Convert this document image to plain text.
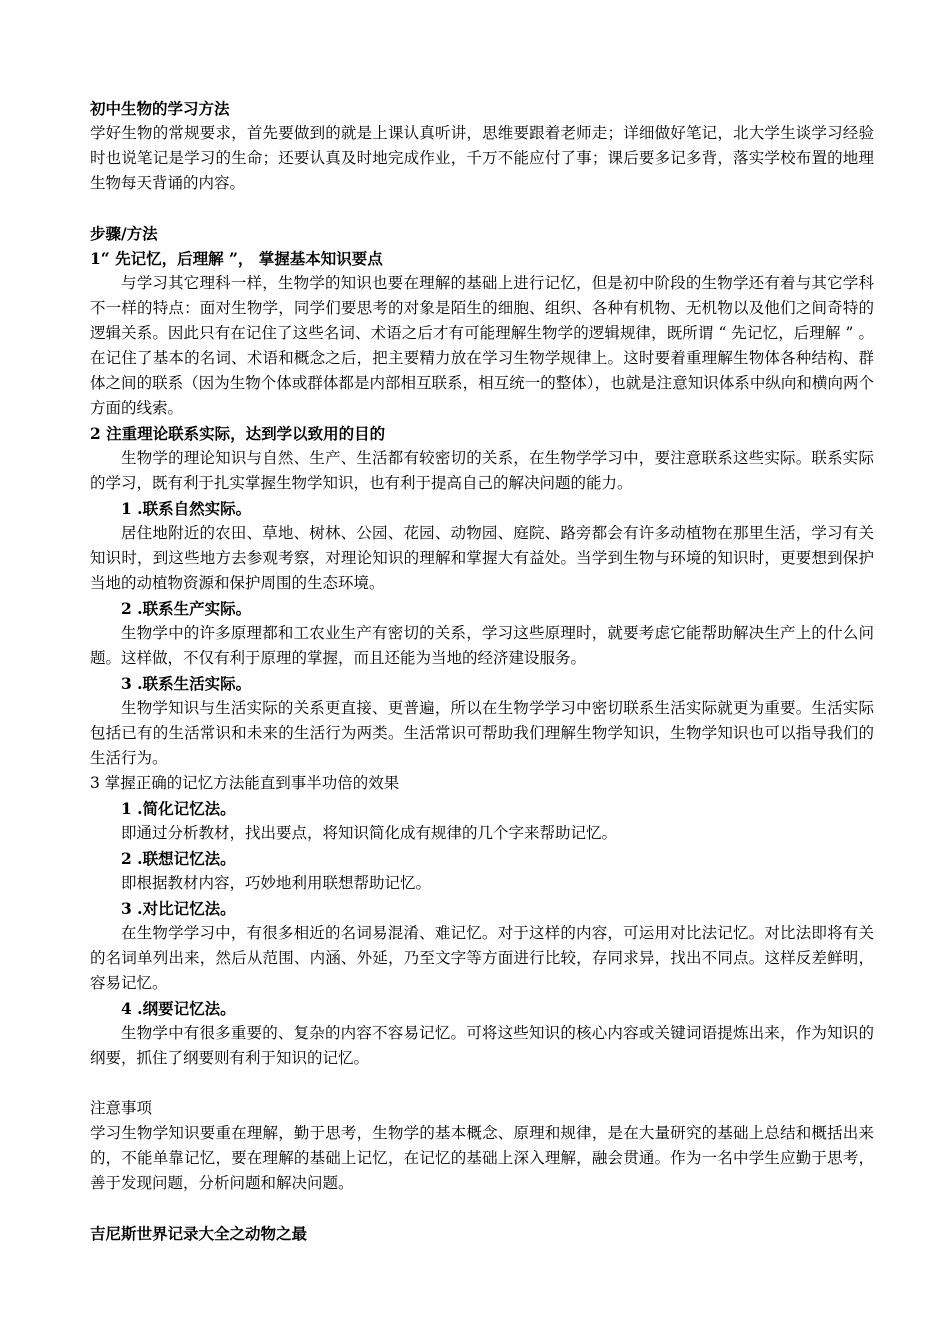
初中生物的学习方法

学好生物的常规要求，首先要做到的就是上课认真听讲，思维要跟着老师走；详细做好笔记，北大学生谈学习经验时也说笔记是学习的生命；还要认真及时地完成作业，千万不能应付了事；课后要多记多背，落实学校布置的地理生物每天背诵的内容。

步骤/方法

1“ 先记忆，后理解 ”， 掌握基本知识要点

与学习其它理科一样，生物学的知识也要在理解的基础上进行记忆，但是初中阶段的生物学还有着与其它学科不一样的特点：面对生物学，同学们要思考的对象是陌生的细胞、组织、各种有机物、无机物以及他们之间奇特的逻辑关系。因此只有在记住了这些名词、术语之后才有可能理解生物学的逻辑规律，既所谓 “ 先记忆，后理解 ” 。在记住了基本的名词、术语和概念之后，把主要精力放在学习生物学规律上。这时要着重理解生物体各种结构、群体之间的联系（因为生物个体或群体都是内部相互联系，相互统一的整体），也就是注意知识体系中纵向和横向两个方面的线索。

2 注重理论联系实际，达到学以致用的目的

生物学的理论知识与自然、生产、生活都有较密切的关系，在生物学学习中，要注意联系这些实际。联系实际的学习，既有利于扎实掌握生物学知识，也有利于提高自己的解决问题的能力。

1 .联系自然实际。

居住地附近的农田、草地、树林、公园、花园、动物园、庭院、路旁都会有许多动植物在那里生活，学习有关知识时，到这些地方去参观考察，对理论知识的理解和掌握大有益处。当学到生物与环境的知识时，更要想到保护当地的动植物资源和保护周围的生态环境。

2 .联系生产实际。

生物学中的许多原理都和工农业生产有密切的关系，学习这些原理时，就要考虑它能帮助解决生产上的什么问题。这样做，不仅有利于原理的掌握，而且还能为当地的经济建设服务。

3 .联系生活实际。

生物学知识与生活实际的关系更直接、更普遍，所以在生物学学习中密切联系生活实际就更为重要。生活实际包括已有的生活常识和未来的生活行为两类。生活常识可帮助我们理解生物学知识，生物学知识也可以指导我们的生活行为。

3 掌握正确的记忆方法能直到事半功倍的效果

1 .简化记忆法。

即通过分析教材，找出要点，将知识简化成有规律的几个字来帮助记忆。

2 .联想记忆法。

即根据教材内容，巧妙地利用联想帮助记忆。

3 .对比记忆法。

在生物学学习中，有很多相近的名词易混淆、难记忆。对于这样的内容，可运用对比法记忆。对比法即将有关的名词单列出来，然后从范围、内涵、外延，乃至文字等方面进行比较，存同求异，找出不同点。这样反差鲜明，容易记忆。

4 .纲要记忆法。

生物学中有很多重要的、复杂的内容不容易记忆。可将这些知识的核心内容或关键词语提炼出来，作为知识的纲要，抓住了纲要则有利于知识的记忆。

注意事项

学习生物学知识要重在理解，勤于思考，生物学的基本概念、原理和规律，是在大量研究的基础上总结和概括出来的，不能单靠记忆，要在理解的基础上记忆，在记忆的基础上深入理解，融会贯通。作为一名中学生应勤于思考，善于发现问题，分析问题和解决问题。

吉尼斯世界记录大全之动物之最
